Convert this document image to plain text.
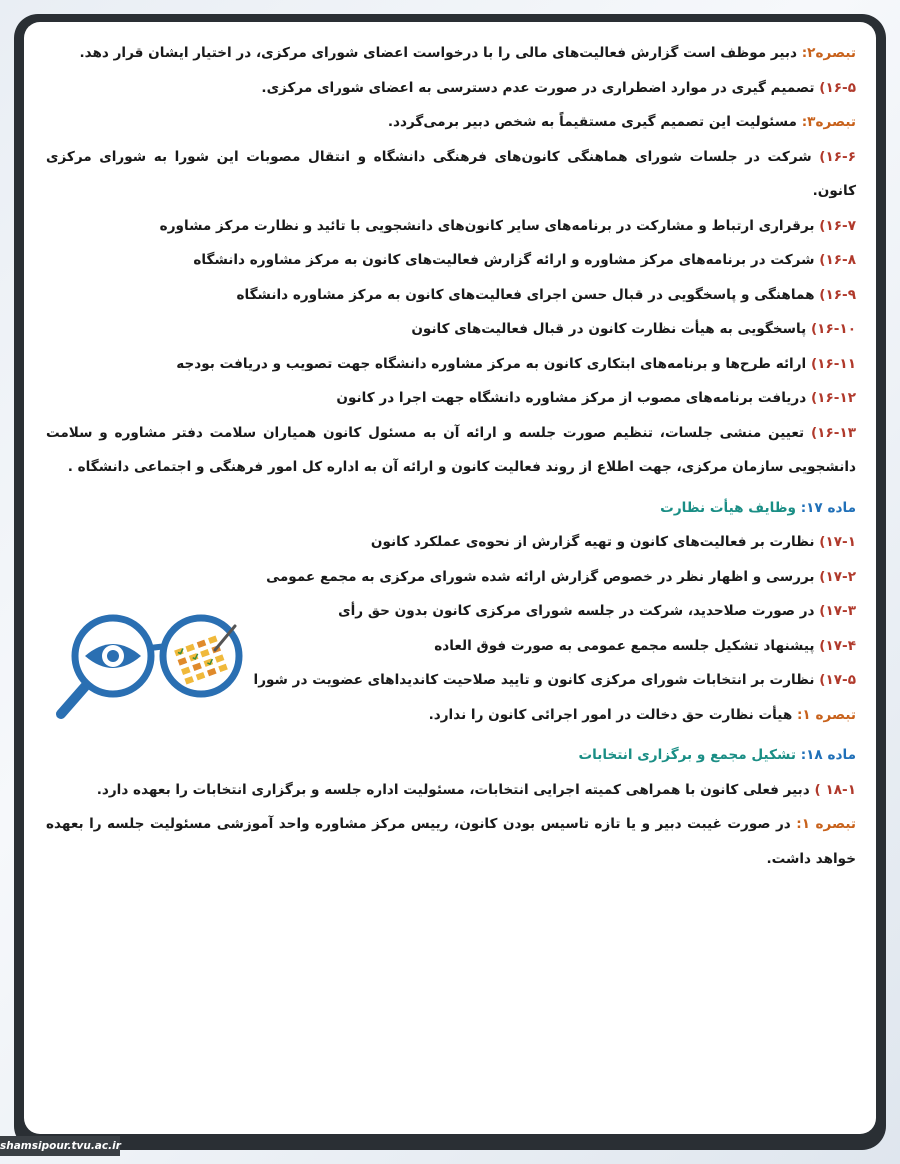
تبصره۲: دبیر موظف است گزارش فعالیت‌های مالی را با درخواست اعضای شورای مرکزی، در اختیار ایشان قرار دهد.

۱۶-۵) تصمیم گیری در موارد اضطراری در صورت عدم دسترسی به اعضای شورای مرکزی.

تبصره۳: مسئولیت این تصمیم گیری مستقیماً به شخص دبیر برمی‌گردد.

۱۶-۶) شرکت در جلسات شورای هماهنگی کانون‌های فرهنگی دانشگاه و انتقال مصوبات این شورا به شورای مرکزی کانون.

۱۶-۷) برقراری ارتباط و مشارکت در برنامه‌های سایر کانون‌های دانشجویی با تائید و نظارت مرکز مشاوره

۱۶-۸) شرکت در برنامه‌های مرکز مشاوره و ارائه گزارش فعالیت‌های کانون به مرکز مشاوره دانشگاه

۱۶-۹) هماهنگی و پاسخگویی در قبال حسن اجرای فعالیت‌های کانون به مرکز مشاوره دانشگاه

۱۶-۱۰) پاسخگویی به هیأت نظارت کانون در قبال فعالیت‌های کانون

۱۶-۱۱) ارائه طرح‌ها و برنامه‌های ابتکاری کانون به مرکز مشاوره دانشگاه جهت تصویب و دریافت بودجه

۱۶-۱۲) دریافت برنامه‌های مصوب از مرکز مشاوره دانشگاه جهت اجرا در کانون

۱۶-۱۳) تعیین منشی جلسات، تنظیم صورت جلسه و ارائه آن به مسئول کانون همیاران سلامت دفتر مشاوره و سلامت دانشجویی سازمان مرکزی، جهت اطلاع از روند فعالیت کانون و ارائه آن به اداره کل امور فرهنگی و اجتماعی دانشگاه .

ماده ۱۷: وظایف هیأت نظارت

۱۷-۱) نظارت بر فعالیت‌های کانون و تهیه گزارش از نحوه‌ی عملکرد کانون

۱۷-۲) بررسی و اظهار نظر در خصوص گزارش ارائه شده شورای مرکزی به مجمع عمومی

۱۷-۳) در صورت صلاحدید، شرکت در جلسه شورای مرکزی کانون بدون حق رأی

۱۷-۴) پیشنهاد تشکیل جلسه مجمع عمومی به صورت فوق العاده

۱۷-۵) نظارت بر انتخابات شورای مرکزی کانون و تایید صلاحیت کاندیداهای عضویت در شورا

تبصره ۱: هیأت نظارت حق دخالت در امور اجرائی کانون را ندارد.

ماده ۱۸: تشکیل مجمع و برگزاری انتخابات

۱۸-۱ ) دبیر فعلی کانون با همراهی کمیته اجرایی انتخابات، مسئولیت اداره جلسه و برگزاری انتخابات را بعهده دارد.

تبصره ۱: در صورت غیبت دبیر و یا تازه تاسیس بودن کانون، رییس مرکز مشاوره واحد آموزشی مسئولیت جلسه را بعهده خواهد داشت.

shamsipour.tvu.ac.ir
